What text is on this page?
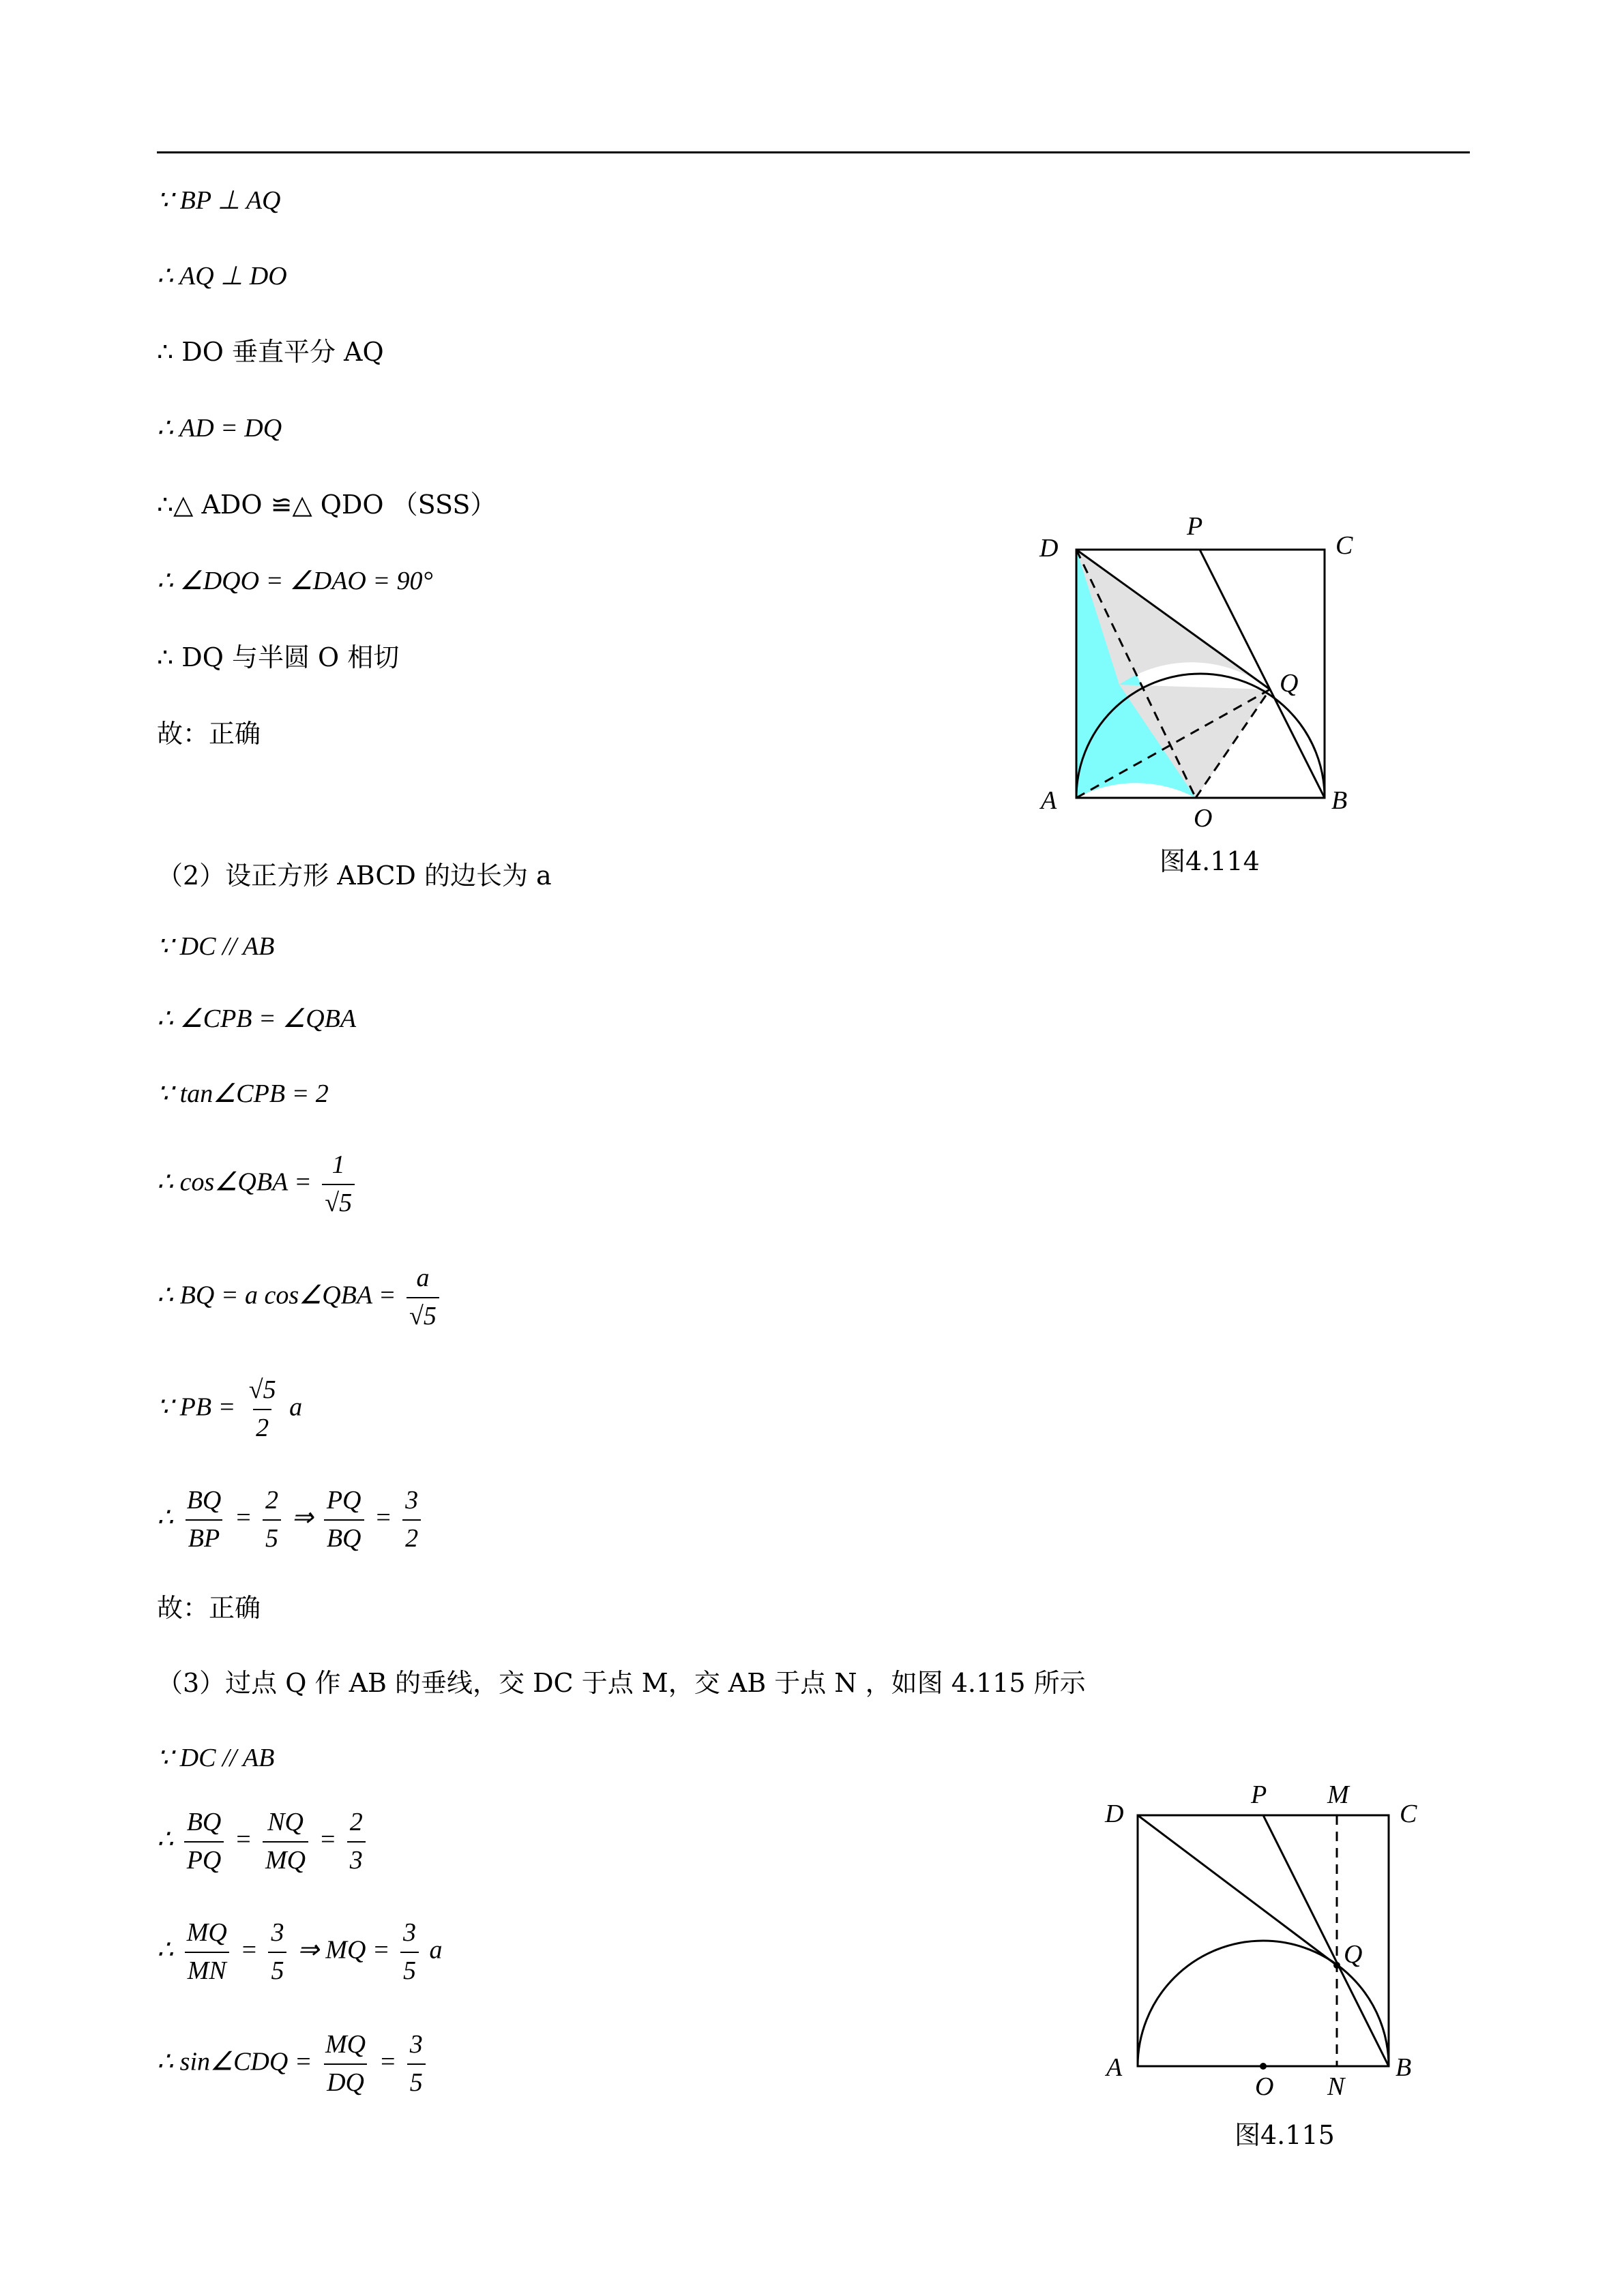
∵ BP ⊥ AQ
∴ AQ ⊥ DO
∴ DO 垂直平分 AQ
∴ AD = DQ
∴△ ADO ≌△ QDO （SSS）
∴ ∠DQO = ∠DAO = 90°
∴ DQ 与半圆 O 相切
故：正确
（2）设正方形 ABCD 的边长为 a
∵ DC // AB
∴ ∠CPB = ∠QBA
∵ tan∠CPB = 2
∴ cos∠QBA = $\frac{1}{√5}$
∴ BQ = a cos∠QBA = $\frac{a}{√5}$
∵ PB = $\frac{√5}{2}$ a
∴ $\frac{BQ}{BP} = \frac{2}{5}$ ⇒ $\frac{PQ}{BQ} = \frac{3}{2}$
故：正确
（3）过点 Q 作 AB 的垂线，交 DC 于点 M，交 AB 于点 N ，如图 4.115 所示
∵ DC // AB
∴ $\frac{BQ}{PQ} = \frac{NQ}{MQ} = \frac{2}{3}$
∴ $\frac{MQ}{MN} = \frac{3}{5}$ ⇒ MQ = $\frac{3}{5}$ a
∴ sin∠CDQ = $\frac{MQ}{DQ} = \frac{3}{5}$
D
P
C
Q
A
O
B
图4.114
D
P M
C
Q
A
O N
B
图4.115
